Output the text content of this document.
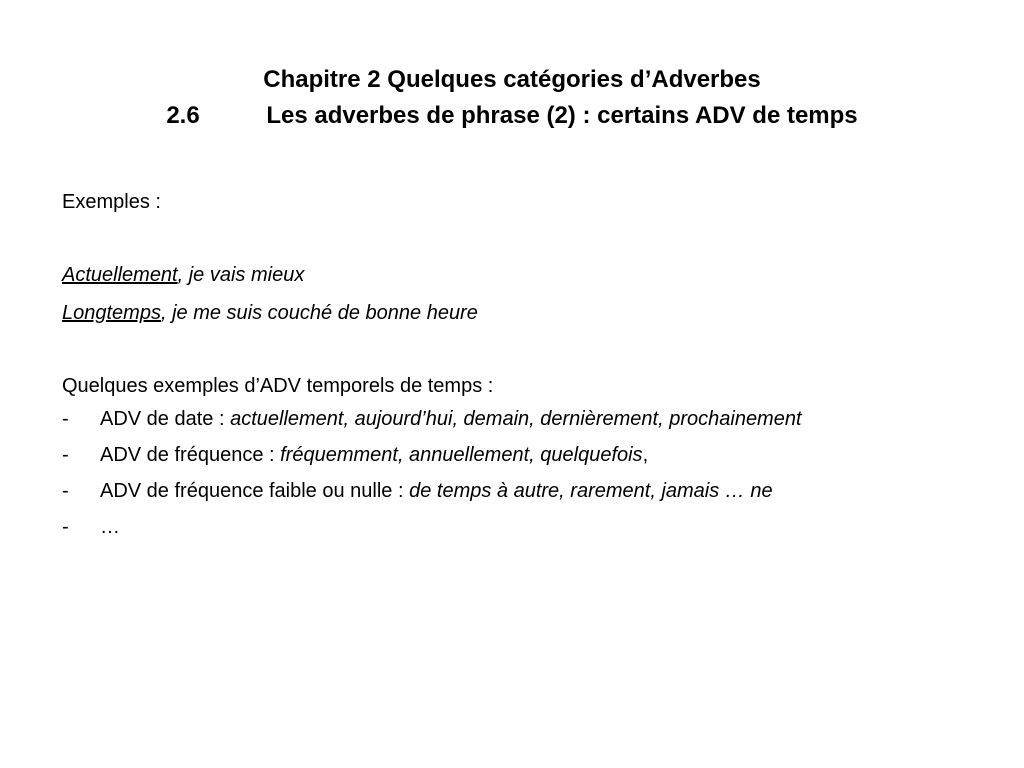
Chapitre 2 Quelques catégories d’Adverbes
2.6	Les adverbes de phrase (2) : certains ADV de temps

Exemples :

Actuellement, je vais mieux
Longtemps, je me suis couché de bonne heure

Quelques exemples d’ADV temporels de temps :

- ADV de date : actuellement, aujourd’hui, demain, dernièrement, prochainement
- ADV de fréquence : fréquemment, annuellement, quelquefois,
- ADV de fréquence faible ou nulle : de temps à autre, rarement, jamais … ne
- …
